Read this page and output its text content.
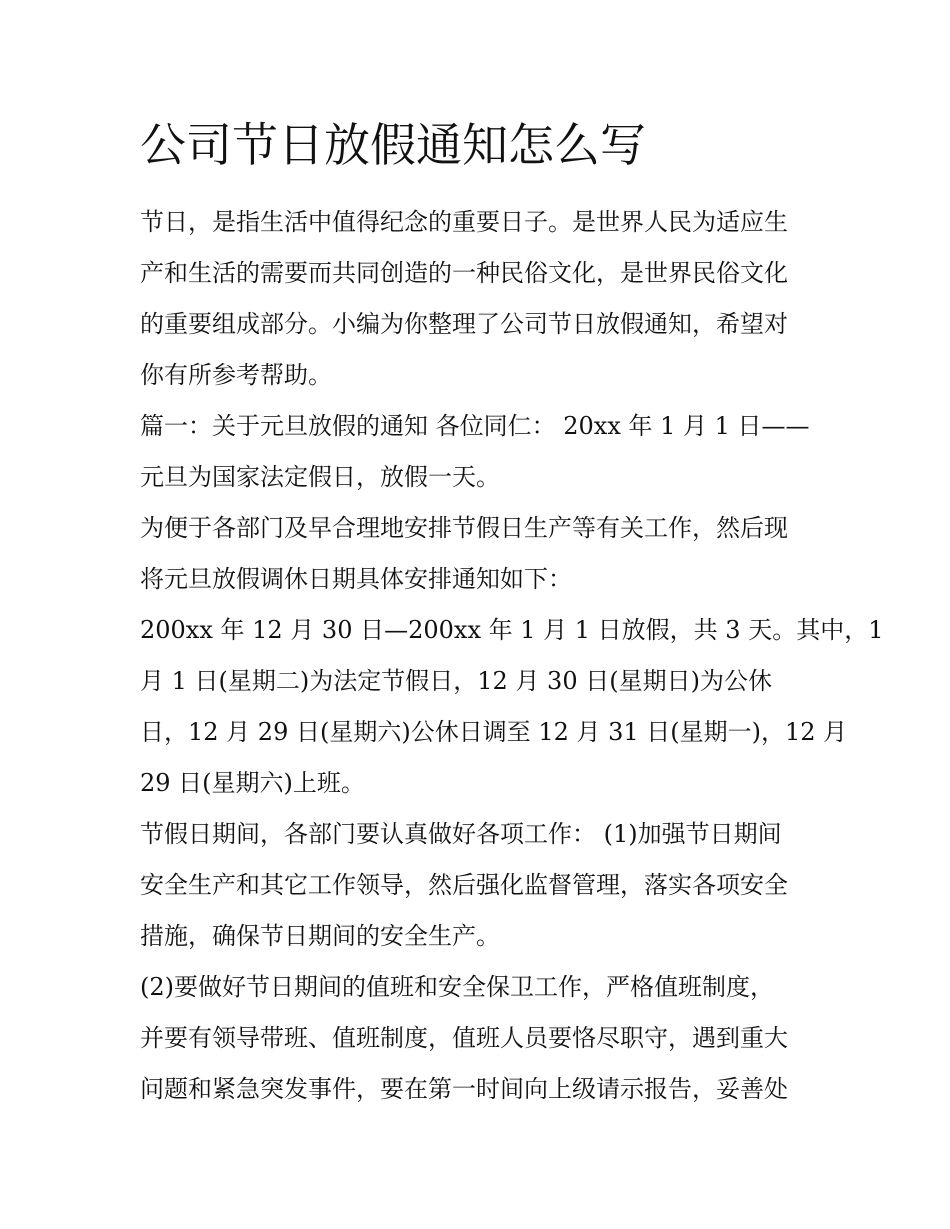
公司节日放假通知怎么写

节日，是指生活中值得纪念的重要日子。是世界人民为适应生

产和生活的需要而共同创造的一种民俗文化，是世界民俗文化

的重要组成部分。小编为你整理了公司节日放假通知，希望对

你有所参考帮助。

篇一：关于元旦放假的通知 各位同仁： 20xx 年 1 月 1 日——

元旦为国家法定假日，放假一天。

为便于各部门及早合理地安排节假日生产等有关工作，然后现

将元旦放假调休日期具体安排通知如下：

200xx 年 12 月 30 日—200xx 年 1 月 1 日放假，共 3 天。其中，1

月 1 日(星期二)为法定节假日，12 月 30 日(星期日)为公休

日，12 月 29 日(星期六)公休日调至 12 月 31 日(星期一)，12 月

29 日(星期六)上班。

节假日期间，各部门要认真做好各项工作： (1)加强节日期间

安全生产和其它工作领导，然后强化监督管理，落实各项安全

措施，确保节日期间的安全生产。

(2)要做好节日期间的值班和安全保卫工作，严格值班制度，

并要有领导带班、值班制度，值班人员要恪尽职守，遇到重大

问题和紧急突发事件，要在第一时间向上级请示报告，妥善处
